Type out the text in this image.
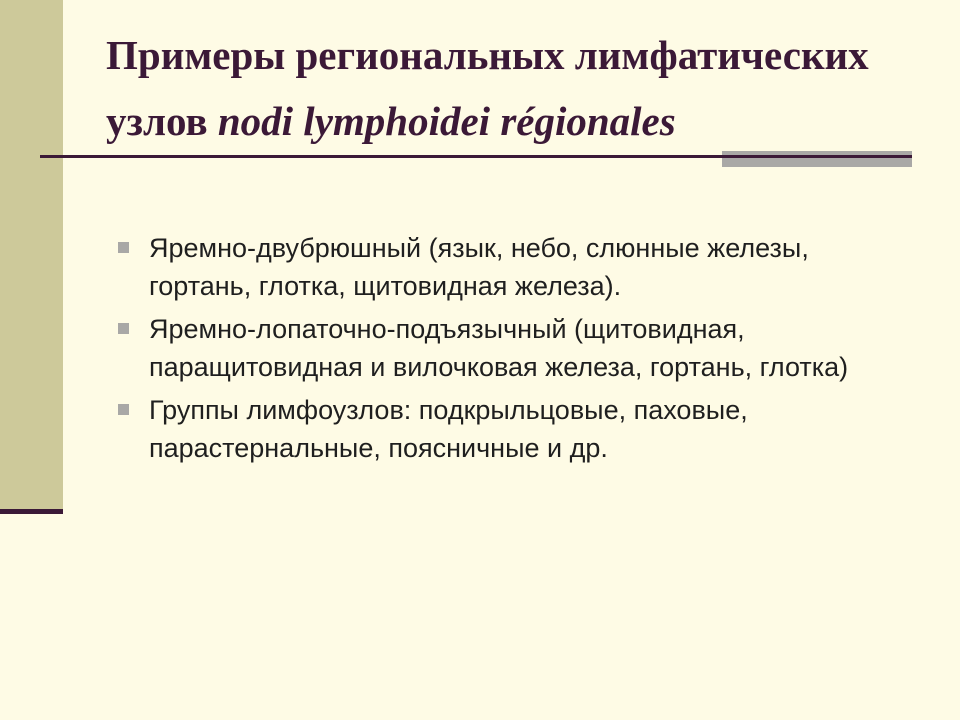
Примеры региональных лимфатических узлов nodi lymphoidei régionales
Яремно-двубрюшный (язык, небо, слюнные железы, гортань, глотка, щитовидная железа).
Яремно-лопаточно-подъязычный (щитовидная, паращитовидная и вилочковая железа, гортань, глотка)
Группы лимфоузлов: подкрыльцовые, паховые, парастернальные, поясничные и др.
